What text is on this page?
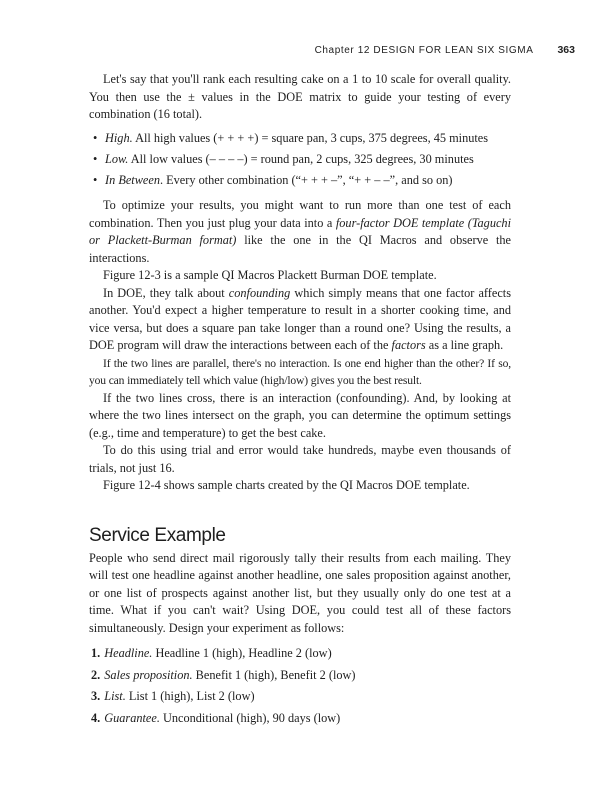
Chapter 12 DESIGN FOR LEAN SIX SIGMA 363

Let's say that you'll rank each resulting cake on a 1 to 10 scale for overall quality. You then use the ± values in the DOE matrix to guide your testing of every combination (16 total).

• High. All high values (+ + + +) = square pan, 3 cups, 375 degrees, 45 minutes
• Low. All low values (– – – –) = round pan, 2 cups, 325 degrees, 30 minutes
• In Between. Every other combination (“+ + + –”, “+ + – –”, and so on)

To optimize your results, you might want to run more than one test of each combination. Then you just plug your data into a four-factor DOE template (Taguchi or Plackett-Burman format) like the one in the QI Macros and observe the interactions.

Figure 12-3 is a sample QI Macros Plackett Burman DOE template.

In DOE, they talk about confounding which simply means that one factor affects another. You'd expect a higher temperature to result in a shorter cooking time, and vice versa, but does a square pan take longer than a round one? Using the results, a DOE program will draw the interactions between each of the factors as a line graph.

If the two lines are parallel, there's no interaction. Is one end higher than the other? If so, you can immediately tell which value (high/low) gives you the best result.

If the two lines cross, there is an interaction (confounding). And, by looking at where the two lines intersect on the graph, you can determine the optimum settings (e.g., time and temperature) to get the best cake.

To do this using trial and error would take hundreds, maybe even thousands of trials, not just 16.

Figure 12-4 shows sample charts created by the QI Macros DOE template.

Service Example

People who send direct mail rigorously tally their results from each mailing. They will test one headline against another headline, one sales proposition against another, or one list of prospects against another list, but they usually only do one test at a time. What if you can't wait? Using DOE, you could test all of these factors simultaneously. Design your experiment as follows:

1. Headline. Headline 1 (high), Headline 2 (low)
2. Sales proposition. Benefit 1 (high), Benefit 2 (low)
3. List. List 1 (high), List 2 (low)
4. Guarantee. Unconditional (high), 90 days (low)
